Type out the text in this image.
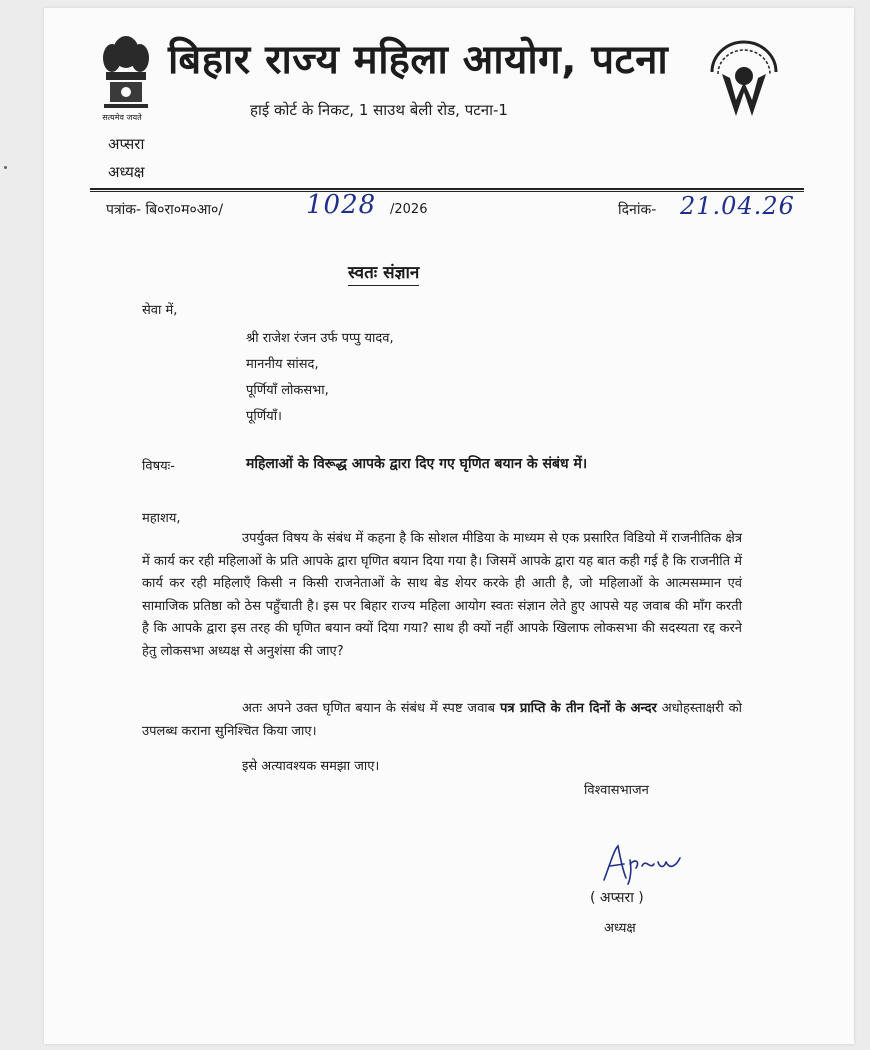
सत्यमेव जयते
बिहार राज्य महिला आयोग, पटना
हाई कोर्ट के निकट, 1 साउथ बेली रोड, पटना-1
अप्सरा
अध्यक्ष
पत्रांक- बि०रा०म०आ०/	1028 /2026	दिनांक- 21.04.26
स्वतः संज्ञान
सेवा में,
श्री राजेश रंजन उर्फ पप्पु यादव,
माननीय सांसद,
पूर्णियाँ लोकसभा,
पूर्णियाँ।
विषयः-	महिलाओं के विरूद्ध आपके द्वारा दिए गए घृणित बयान के संबंध में।
महाशय,

उपर्युक्त विषय के संबंध में कहना है कि सोशल मीडिया के माध्यम से एक प्रसारित विडियो में राजनीतिक क्षेत्र में कार्य कर रही महिलाओं के प्रति आपके द्वारा घृणित बयान दिया गया है। जिसमें आपके द्वारा यह बात कही गई है कि राजनीति में कार्य कर रही महिलाएँ किसी न किसी राजनेताओं के साथ बेड शेयर करके ही आती है, जो महिलाओं के आत्मसम्मान एवं सामाजिक प्रतिष्ठा को ठेस पहुँचाती है। इस पर बिहार राज्य महिला आयोग स्वतः संज्ञान लेते हुए आपसे यह जवाब की माँग करती है कि आपके द्वारा इस तरह की घृणित बयान क्यों दिया गया? साथ ही क्यों नहीं आपके खिलाफ लोकसभा की सदस्यता रद्द करने हेतु लोकसभा अध्यक्ष से अनुशंसा की जाए?

अतः अपने उक्त घृणित बयान के संबंध में स्पष्ट जवाब पत्र प्राप्ति के तीन दिनों के अन्दर अधोहस्ताक्षरी को उपलब्ध कराना सुनिश्चित किया जाए।

इसे अत्यावश्यक समझा जाए।
विश्वासभाजन
( अप्सरा )
अध्यक्ष
